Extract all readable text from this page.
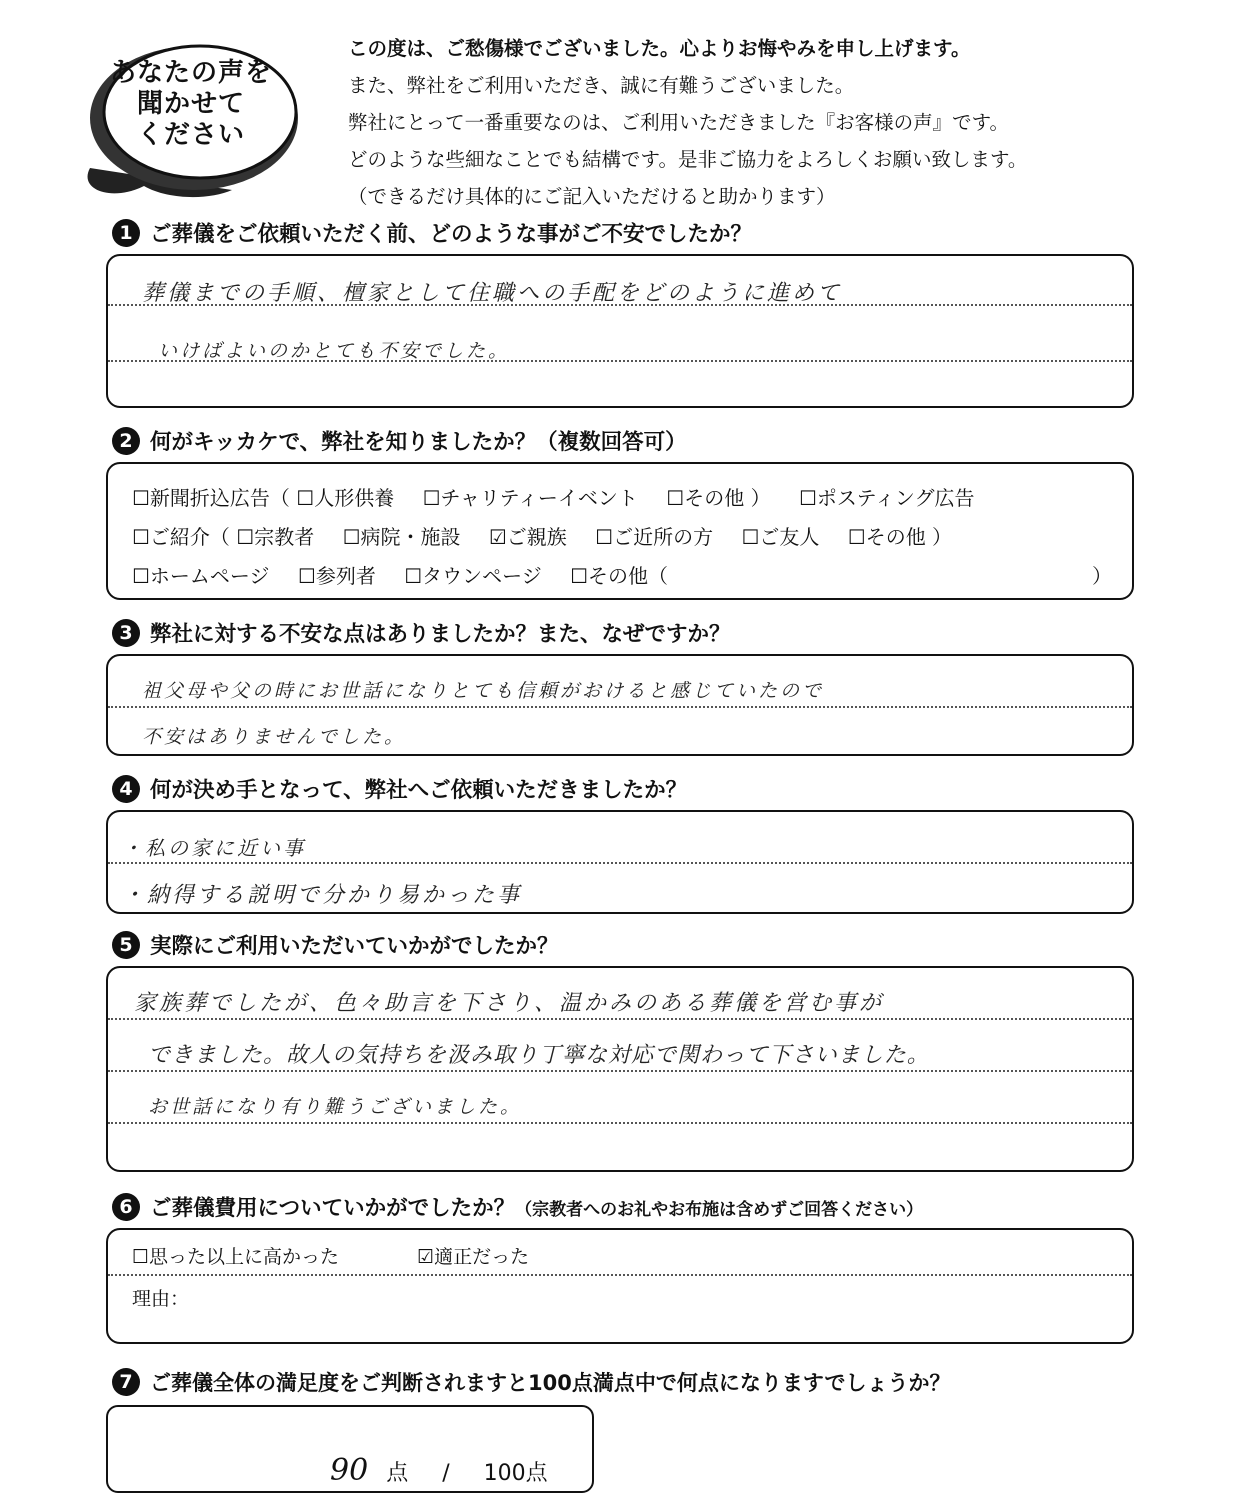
あなたの声を
聞かせて
ください
この度は、ご愁傷様でございました。心よりお悔やみを申し上げます。
また、弊社をご利用いただき、誠に有難うございました。
弊社にとって一番重要なのは、ご利用いただきました『お客様の声』です。
どのような些細なことでも結構です。是非ご協力をよろしくお願い致します。
（できるだけ具体的にご記入いただけると助かります）
1 ご葬儀をご依頼いただく前、どのような事がご不安でしたか？
葬儀までの手順、檀家として住職への手配をどのように進めて
いけばよいのかとても不安でした。
2 何がキッカケで、弊社を知りましたか？（複数回答可）
☐新聞折込広告（ ☐人形供養 ☐チャリティーイベント ☐その他 ） ☐ポスティング広告
☐ご紹介（ ☐宗教者 ☐病院・施設 ☑ご親族 ☐ご近所の方 ☐ご友人 ☐その他 ）
☐ホームページ ☐参列者 ☐タウンページ ☐その他（	）
3 弊社に対する不安な点はありましたか？また、なぜですか？
祖父母や父の時にお世話になりとても信頼がおけると感じていたので
不安はありませんでした。
4 何が決め手となって、弊社へご依頼いただきましたか？
・私の家に近い事
・納得する説明で分かり易かった事
5 実際にご利用いただいていかがでしたか？
家族葬でしたが、色々助言を下さり、温かみのある葬儀を営む事が
できました。故人の気持ちを汲み取り丁寧な対応で関わって下さいました。
お世話になり有り難うございました。
6 ご葬儀費用についていかがでしたか？（宗教者へのお礼やお布施は含めずご回答ください）
☐思った以上に高かった	☑適正だった
理由：
7 ご葬儀全体の満足度をご判断されますと100点満点中で何点になりますでしょうか？
90 点 / 100点
